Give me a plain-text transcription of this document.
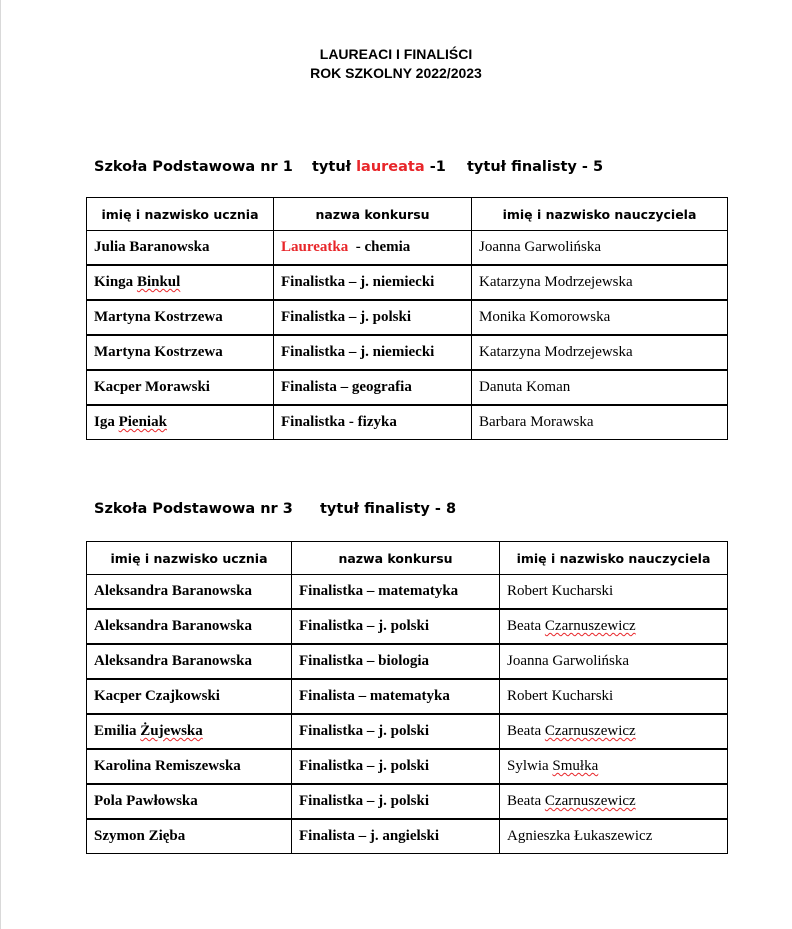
LAUREACI I FINALIŚCI
ROK SZKOLNY 2022/2023
Szkoła Podstawowa nr 1 tytuł laureata -1 tytuł finalisty - 5
imię i nazwisko ucznia	nazwa konkursu	imię i nazwisko nauczyciela
Julia Baranowska	Laureatka  - chemia	Joanna Garwolińska
Kinga Binkul	Finalistka – j. niemiecki	Katarzyna Modrzejewska
Martyna Kostrzewa	Finalistka – j. polski	Monika Komorowska
Martyna Kostrzewa	Finalistka – j. niemiecki	Katarzyna Modrzejewska
Kacper Morawski	Finalista – geografia	Danuta Koman
Iga Pieniak	Finalistka - fizyka	Barbara Morawska
Szkoła Podstawowa nr 3 tytuł finalisty - 8
imię i nazwisko ucznia	nazwa konkursu	imię i nazwisko nauczyciela
Aleksandra Baranowska	Finalistka – matematyka	Robert Kucharski
Aleksandra Baranowska	Finalistka – j. polski	Beata Czarnuszewicz
Aleksandra Baranowska	Finalistka – biologia	Joanna Garwolińska
Kacper Czajkowski	Finalista – matematyka	Robert Kucharski
Emilia Żujewska	Finalistka – j. polski	Beata Czarnuszewicz
Karolina Remiszewska	Finalistka – j. polski	Sylwia Smułka
Pola Pawłowska	Finalistka – j. polski	Beata Czarnuszewicz
Szymon Zięba	Finalista – j. angielski	Agnieszka Łukaszewicz
